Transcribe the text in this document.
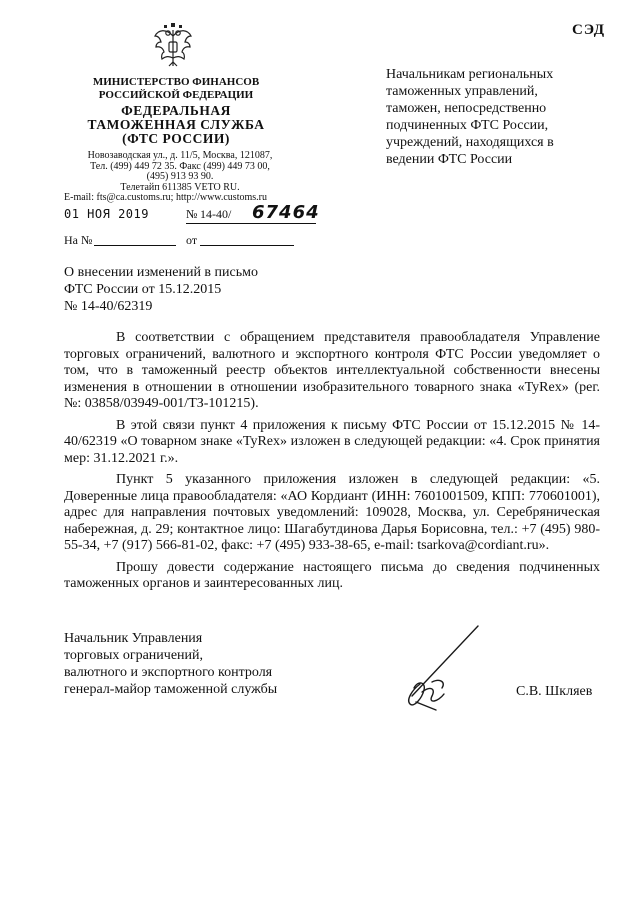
СЭД
МИНИСТЕРСТВО ФИНАНСОВ
РОССИЙСКОЙ ФЕДЕРАЦИИ
ФЕДЕРАЛЬНАЯ
ТАМОЖЕННАЯ СЛУЖБА
(ФТС РОССИИ)
Новозаводская ул., д. 11/5, Москва, 121087,
Тел. (499) 449 72 35. Факс (499) 449 73 00,
(495) 913 93 90.
Телетайп 611385 VETO RU.
E-mail: fts@ca.customs.ru; http://www.customs.ru
01 НОЯ 2019	№ 14-40/ 67464
На №	от
Начальникам региональных таможенных управлений, таможен, непосредственно подчиненных ФТС России, учреждений, находящихся в ведении ФТС России
О внесении изменений в письмо
ФТС России от 15.12.2015
№ 14-40/62319

В соответствии с обращением представителя правообладателя Управление торговых ограничений, валютного и экспортного контроля ФТС России уведомляет о том, что в таможенный реестр объектов интеллектуальной собственности внесены изменения в отношении в отношении изобразительного товарного знака «TyRex» (рег. №: 03858/03949-001/ТЗ-101215).

В этой связи пункт 4 приложения к письму ФТС России от 15.12.2015 № 14-40/62319 «О товарном знаке «TyRex» изложен в следующей редакции: «4. Срок принятия мер: 31.12.2021 г.».

Пункт 5 указанного приложения изложен в следующей редакции: «5. Доверенные лица правообладателя: «АО Кордиант (ИНН: 7601001509, КПП: 770601001), адрес для направления почтовых уведомлений: 109028, Москва, ул. Серебряническая набережная, д. 29; контактное лицо: Шагабутдинова Дарья Борисовна, тел.: +7 (495) 980-55-34, +7 (917) 566-81-02, факс: +7 (495) 933-38-65, e-mail: tsarkova@cordiant.ru».

Прошу довести содержание настоящего письма до сведения подчиненных таможенных органов и заинтересованных лиц.

Начальник Управления
торговых ограничений,
валютного и экспортного контроля
генерал-майор таможенной службы	С.В. Шкляев
